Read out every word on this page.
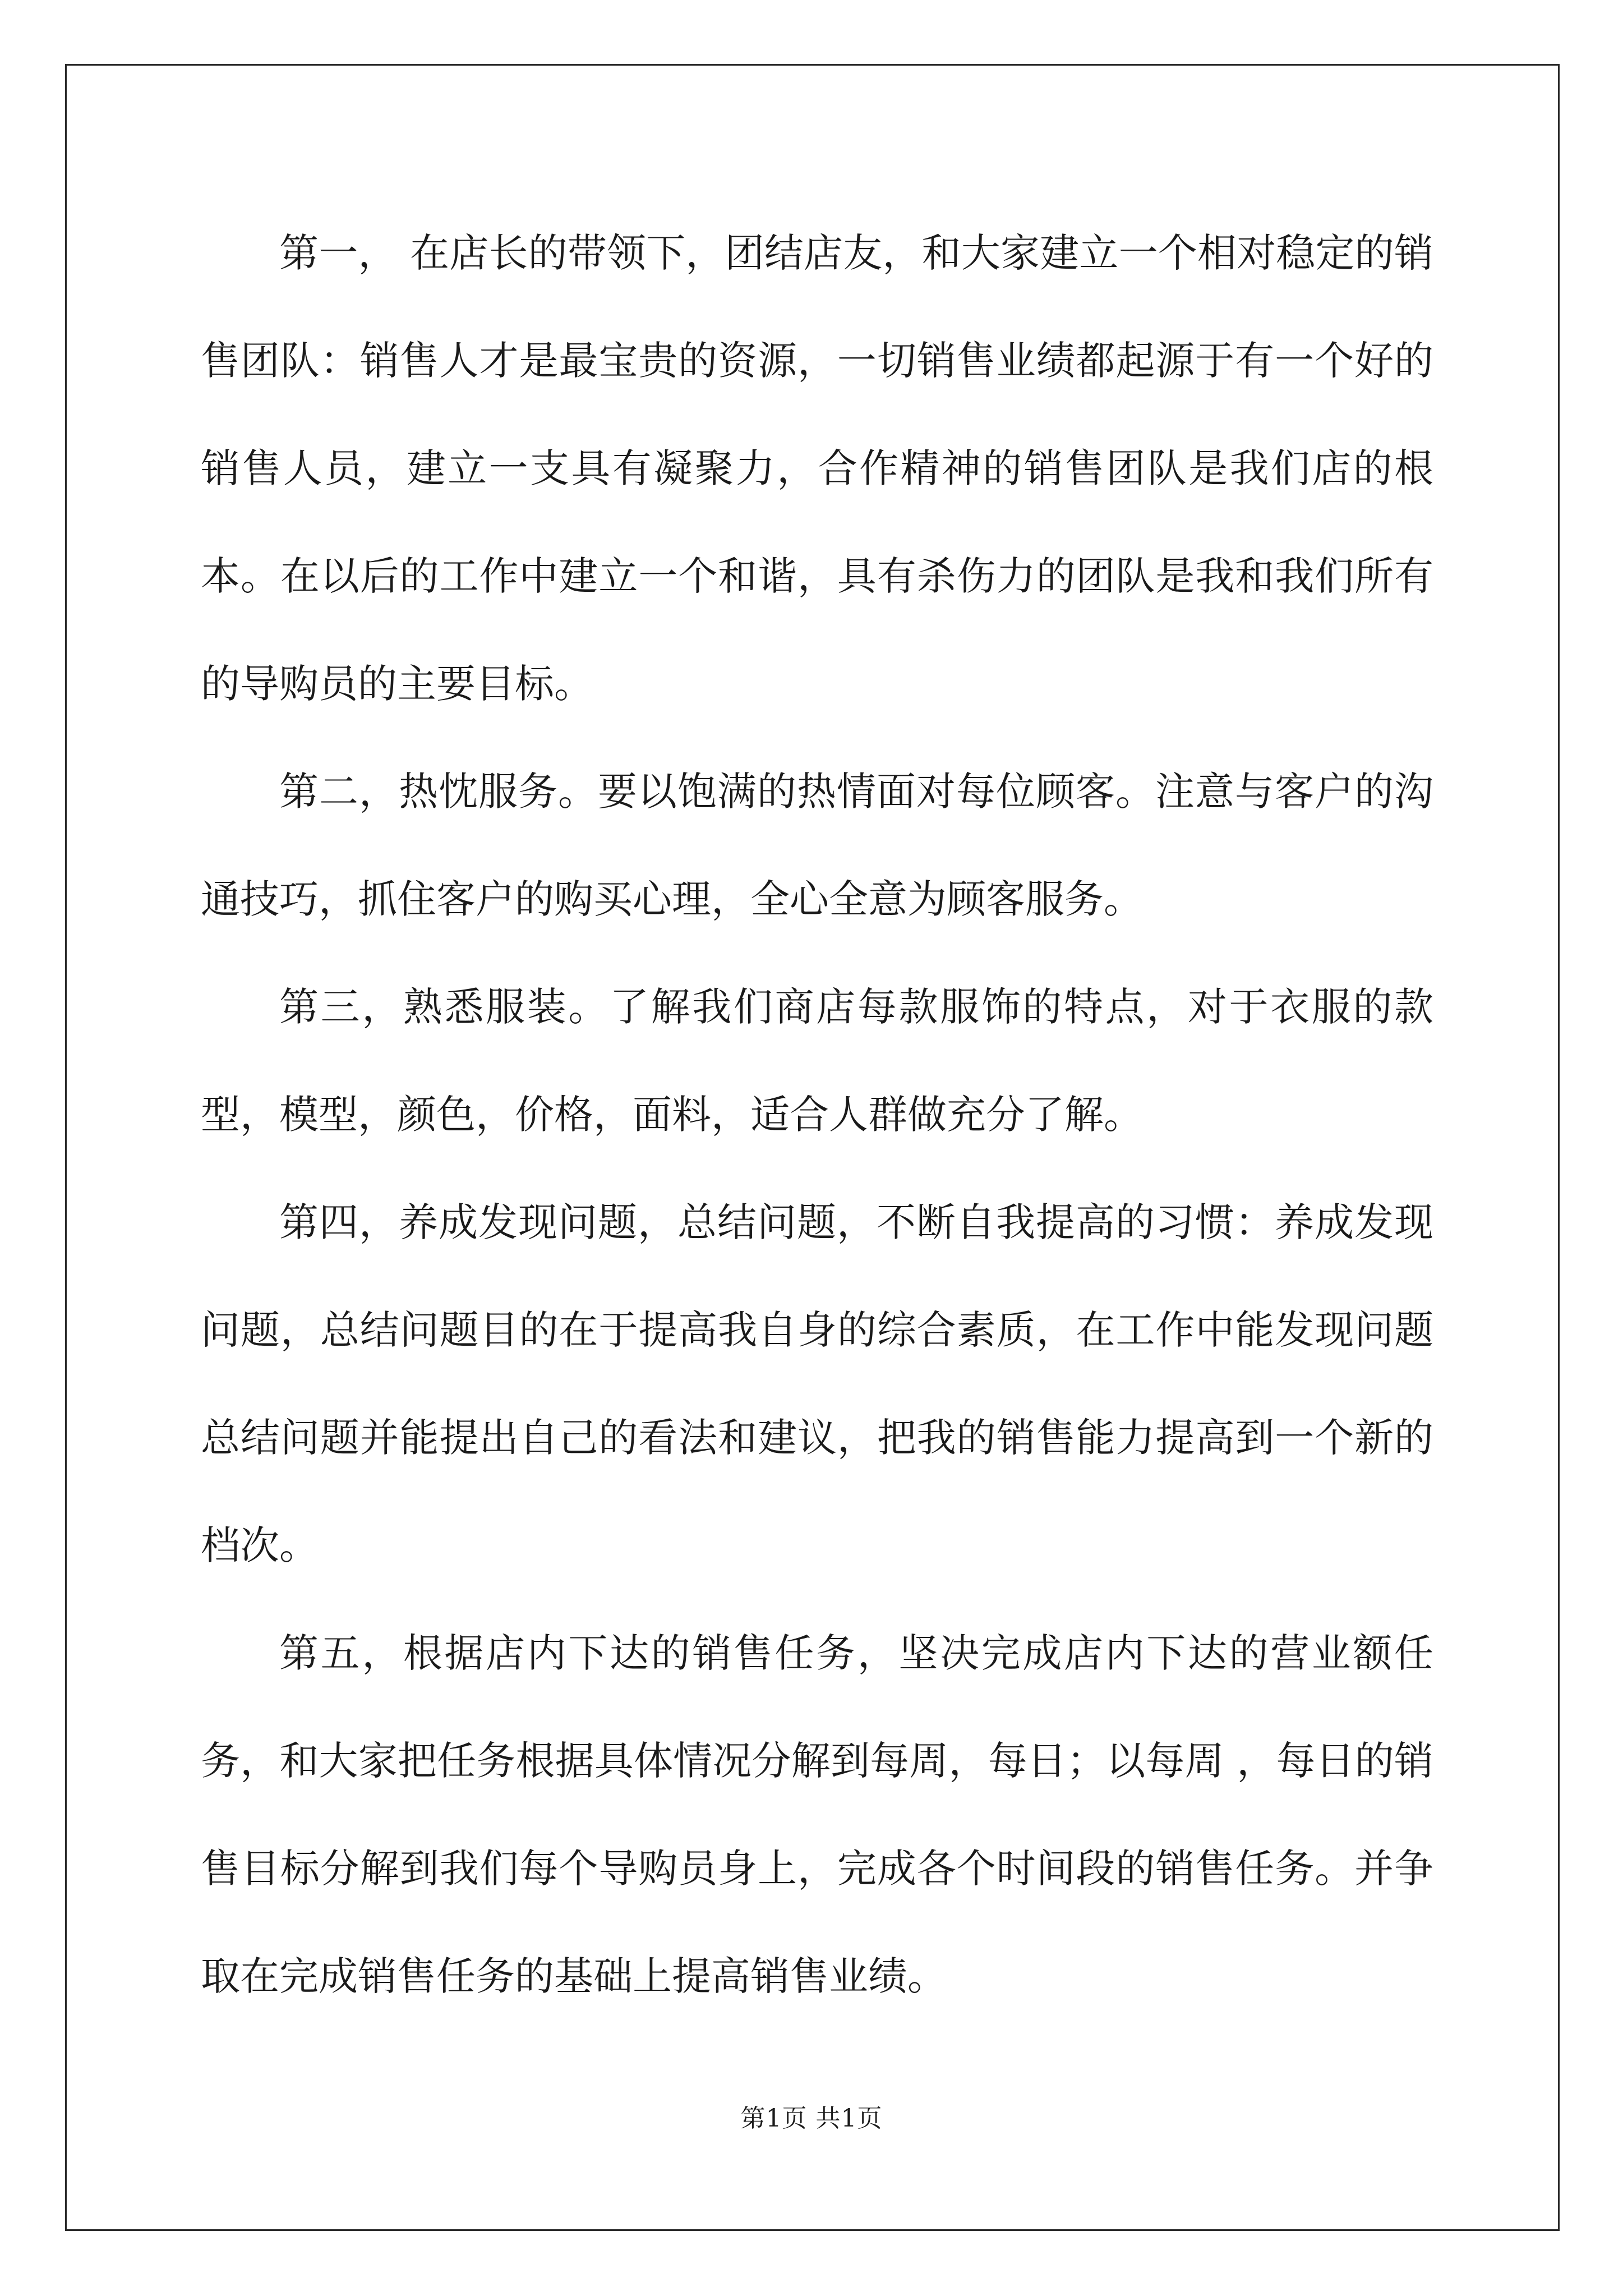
第一， 在店长的带领下，团结店友，和大家建立一个相对稳定的销售团队：销售人才是最宝贵的资源，一切销售业绩都起源于有一个好的销售人员，建立一支具有凝聚力，合作精神的销售团队是我们店的根本。在以后的工作中建立一个和谐，具有杀伤力的团队是我和我们所有的导购员的主要目标。

第二，热忱服务。要以饱满的热情面对每位顾客。注意与客户的沟通技巧，抓住客户的购买心理，全心全意为顾客服务。

第三，熟悉服装。了解我们商店每款服饰的特点，对于衣服的款型，模型，颜色，价格，面料，适合人群做充分了解。

第四，养成发现问题，总结问题，不断自我提高的习惯：养成发现问题，总结问题目的在于提高我自身的综合素质，在工作中能发现问题总结问题并能提出自己的看法和建议，把我的销售能力提高到一个新的档次。

第五，根据店内下达的销售任务，坚决完成店内下达的营业额任务，和大家把任务根据具体情况分解到每周，每日；以每周 ，每日的销售目标分解到我们每个导购员身上，完成各个时间段的销售任务。并争取在完成销售任务的基础上提高销售业绩。

第1页 共1页
